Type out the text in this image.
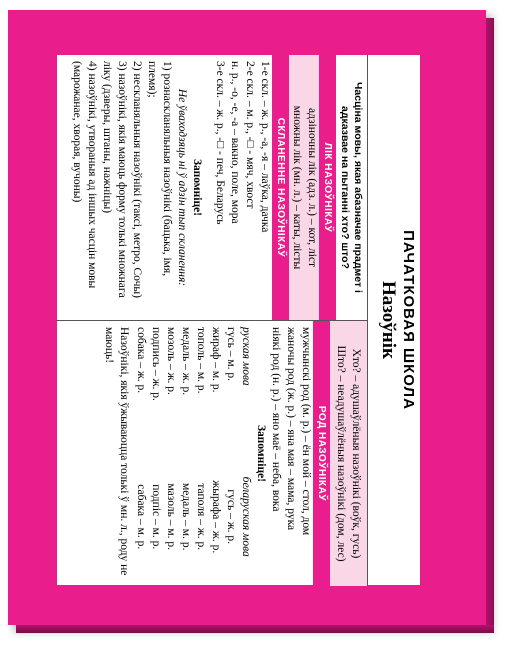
ПАЧАТКОВАЯ ШКОЛА
Назоўнік
Часціна мовы, якая абазначае прадмет і адказвае на пытанні хто? што?
ЛІК НАЗОЎНІКАЎ
адзіночны лік (адз. л.) – кот, ліст
множны лік (мн. л.) – каты, лісты
СКЛАНЕННЕ НАЗОЎНІКАЎ
1-е скл. – ж. р., -а, -я – лаўка, дачка
2-е скл. – м. р., -□ - мяч, хвост
н. р., -о, -е, -а – вакно, поле, мора
3-е скл. – ж. р., -□ - печ, Беларусь
Запомніце!
Не ўваходзяць ні ў адзін тып скланення:
1) рознаскланяльныя назоўнікі (бацька, імя, племя);
2) нескланяльныя назоўнікі (таксі, метро, Сочы)
3) назоўнікі, якія маюць форму толькі множнага ліку (дзверы, штаны, нажніцы)
4) назоўнікі, утвораныя ад іншых часцін мовы (марожанае, хворая, вучоны)
Хто? – адушаўлёныя назоўнікі (воўк, гусь)
Што? – неадушаўлёныя назоўнікі (дом, лес)
РОД НАЗОЎНІКАЎ
мужчынскі род (м. р.) – ён мой – стол, дом
жаночы род (ж. р.) – яна мая – мама, рука
ніякі род (н. р.) – яно маё – неба, вока
Запомніце!
руская мова
беларуская мова
гусь – м. р.
гусь – ж. р.
жираф – м. р.
жырафа – ж. р.
тополь – м. р.
таполя – ж. р.
медаль – ж. р.
медаль – м. р.
мозоль – ж. р.
мазоль – м. р.
подпись – ж. р.
подпіс – м. р.
собака – ж. р.
сабака – м. р.
Назоўнікі, якія ўжываюцца толькі ў мн. л., роду не маюць!
